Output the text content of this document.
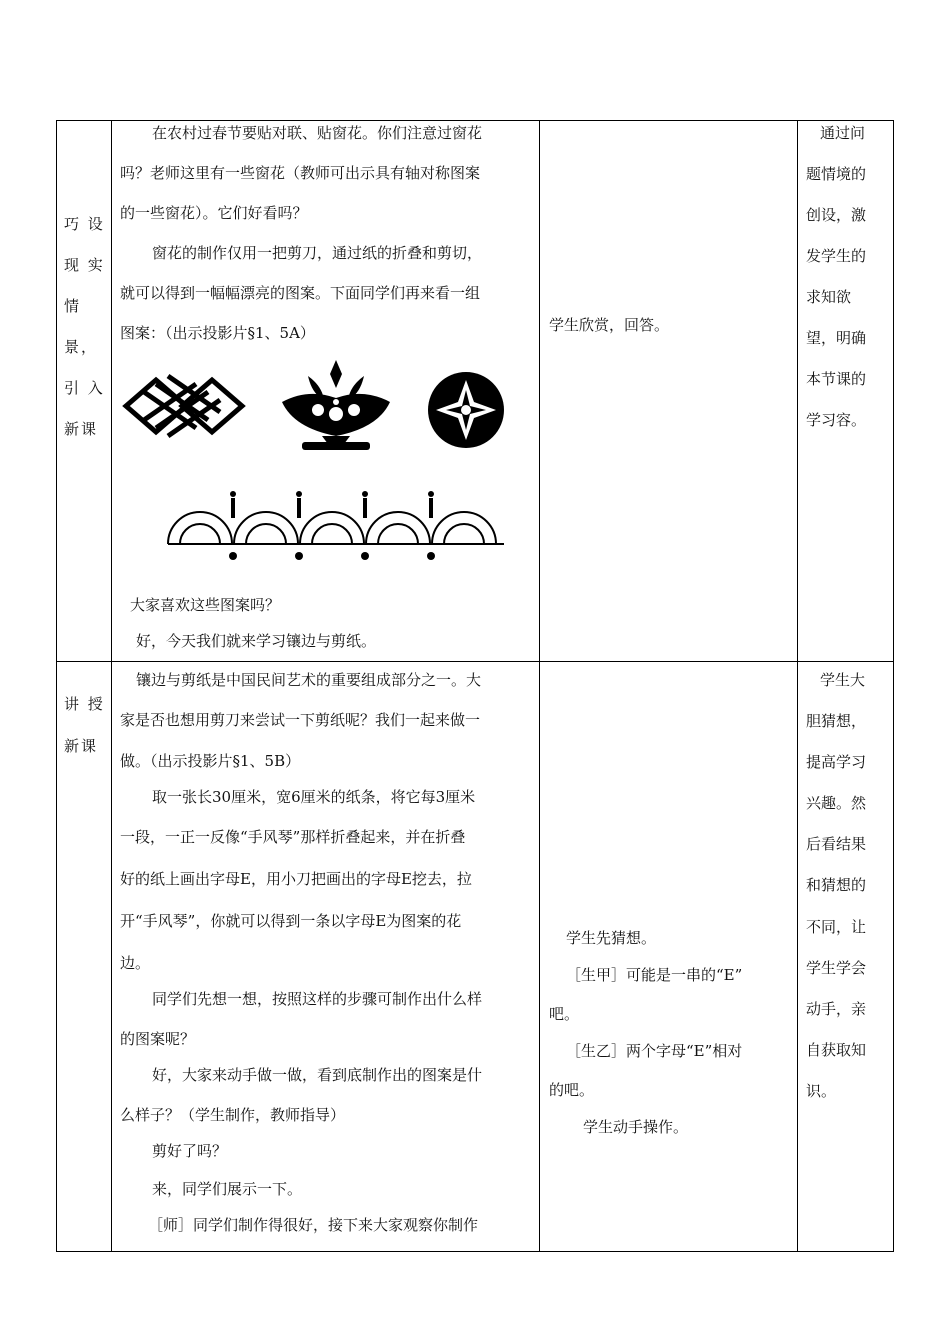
巧 设
现 实
情
景，
引 入
新课
在农村过春节要贴对联、贴窗花。你们注意过窗花
吗？老师这里有一些窗花（教师可出示具有轴对称图案
的一些窗花）。它们好看吗？
窗花的制作仅用一把剪刀，通过纸的折叠和剪切，
就可以得到一幅幅漂亮的图案。下面同学们再来看一组
图案：（出示投影片§1、5A）
大家喜欢这些图案吗？
好，今天我们就来学习镶边与剪纸。
学生欣赏，回答。
通过问
题情境的
创设，激
发学生的
求知欲
望，明确
本节课的
学习容。
讲 授
新课
镶边与剪纸是中国民间艺术的重要组成部分之一。大
家是否也想用剪刀来尝试一下剪纸呢？我们一起来做一
做。（出示投影片§1、5B）
取一张长30厘米，宽6厘米的纸条，将它每3厘米
一段，一正一反像“手风琴”那样折叠起来，并在折叠
好的纸上画出字母E，用小刀把画出的字母E挖去，拉
开“手风琴”，你就可以得到一条以字母E为图案的花
边。
同学们先想一想，按照这样的步骤可制作出什么样
的图案呢？
好，大家来动手做一做，看到底制作出的图案是什
么样子？（学生制作，教师指导）
剪好了吗？
来，同学们展示一下。
［师］同学们制作得很好，接下来大家观察你制作
学生先猜想。
［生甲］可能是一串的“E”
吧。
［生乙］两个字母“E”相对
的吧。
学生动手操作。
学生大
胆猜想，
提高学习
兴趣。然
后看结果
和猜想的
不同，让
学生学会
动手，亲
自获取知
识。
